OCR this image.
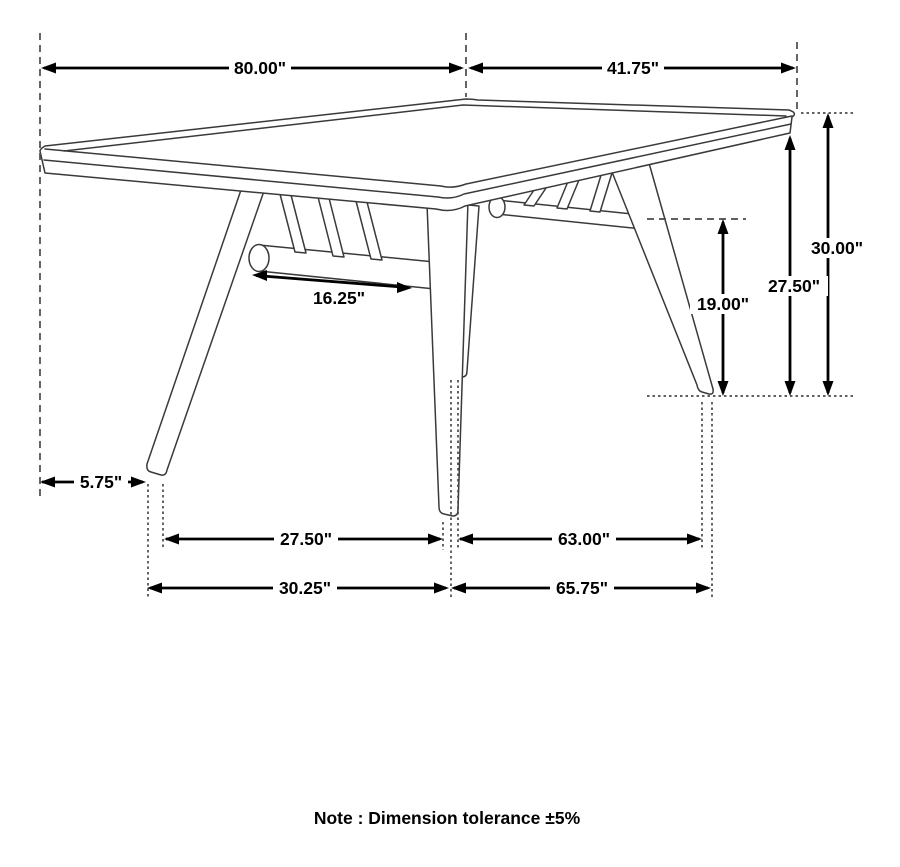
80.00"	41.75"
30.00"
27.50"
19.00"
16.25"
5.75"
27.50"	63.00"
30.25"	65.75"
Note : Dimension tolerance ±5%
